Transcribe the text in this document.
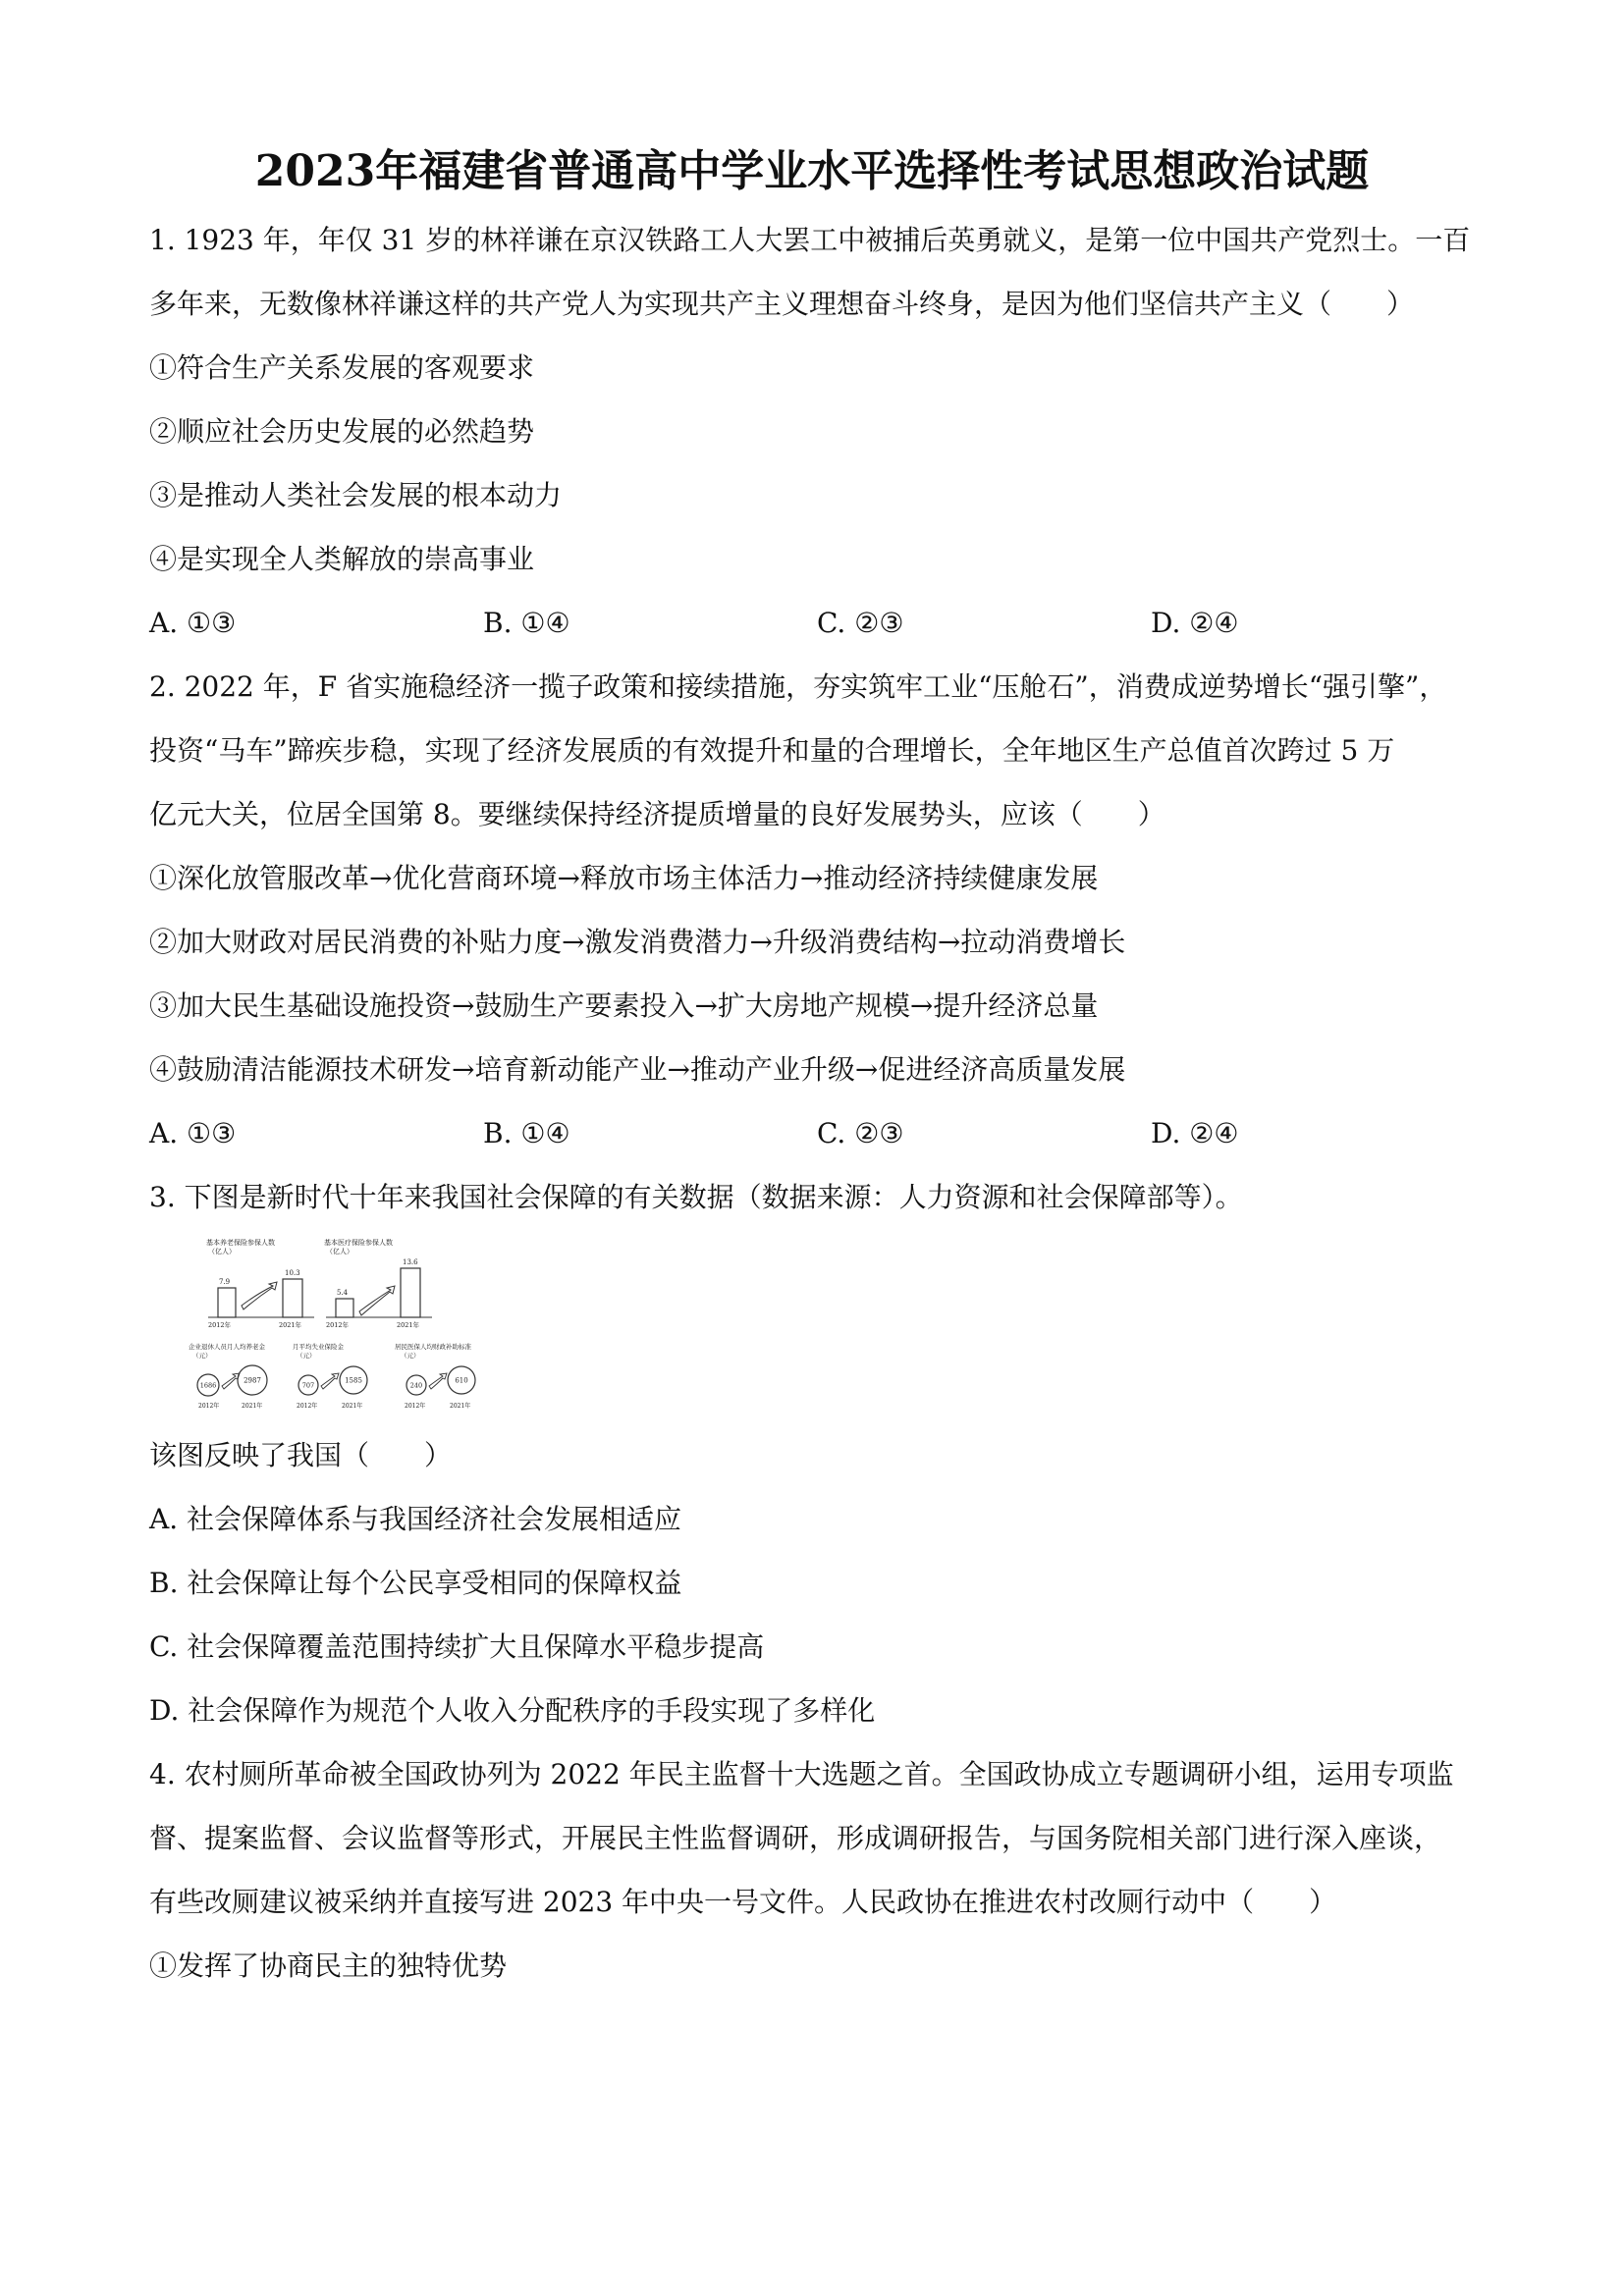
2023年福建省普通高中学业水平选择性考试思想政治试题

1. 1923 年，年仅 31 岁的林祥谦在京汉铁路工人大罢工中被捕后英勇就义，是第一位中国共产党烈士。一百

多年来，无数像林祥谦这样的共产党人为实现共产主义理想奋斗终身，是因为他们坚信共产主义（　　）

①符合生产关系发展的客观要求

②顺应社会历史发展的必然趋势

③是推动人类社会发展的根本动力

④是实现全人类解放的崇高事业

A. ①③	B. ①④	C. ②③	D. ②④

2. 2022 年，F 省实施稳经济一揽子政策和接续措施，夯实筑牢工业“压舱石”，消费成逆势增长“强引擎”，

投资“马车”蹄疾步稳，实现了经济发展质的有效提升和量的合理增长，全年地区生产总值首次跨过 5 万

亿元大关，位居全国第 8。要继续保持经济提质增量的良好发展势头，应该（　　）

①深化放管服改革→优化营商环境→释放市场主体活力→推动经济持续健康发展

②加大财政对居民消费的补贴力度→激发消费潜力→升级消费结构→拉动消费增长

③加大民生基础设施投资→鼓励生产要素投入→扩大房地产规模→提升经济总量

④鼓励清洁能源技术研发→培育新动能产业→推动产业升级→促进经济高质量发展

A. ①③	B. ①④	C. ②③	D. ②④

3. 下图是新时代十年来我国社会保障的有关数据（数据来源：人力资源和社会保障部等）。

基本养老保险参保人数
（亿人）
7.9
10.3
2012年	2021年
基本医疗保险参保人数
（亿人）
5.4
13.6
2012年	2021年
企业退休人员月人均养老金
（元）
1686
2987
2012年	2021年
月平均失业保险金
（元）
707
1585
2012年	2021年
居民医保人均财政补助标准
（元）
240
610
2012年	2021年

该图反映了我国（　　）

A. 社会保障体系与我国经济社会发展相适应

B. 社会保障让每个公民享受相同的保障权益

C. 社会保障覆盖范围持续扩大且保障水平稳步提高

D. 社会保障作为规范个人收入分配秩序的手段实现了多样化

4. 农村厕所革命被全国政协列为 2022 年民主监督十大选题之首。全国政协成立专题调研小组，运用专项监

督、提案监督、会议监督等形式，开展民主性监督调研，形成调研报告，与国务院相关部门进行深入座谈，

有些改厕建议被采纳并直接写进 2023 年中央一号文件。人民政协在推进农村改厕行动中（　　）

①发挥了协商民主的独特优势
